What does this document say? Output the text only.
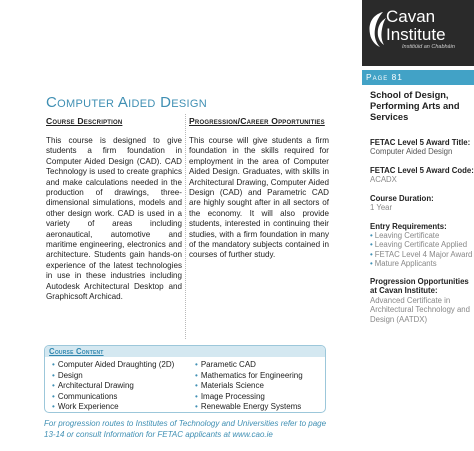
Computer Aided Design
Course Description	Progression/Career Opportunities

This course is designed to give students a firm foundation in Computer Aided Design (CAD). CAD Technology is used to create graphics and make calculations needed in the production of drawings, three-dimensional simulations, models and other design work. CAD is used in a variety of areas including aeronautical, automotive and maritime engineering, electronics and architecture. Students gain hands-on experience of the latest technologies in use in these industries including Autodesk Architectural Desktop and Graphicsoft Archicad.

This course will give students a firm foundation in the skills required for employment in the area of Computer Aided Design. Graduates, with skills in Architectural Drawing, Computer Aided Design (CAD) and Parametric CAD are highly sought after in all sectors of the economy. It will also provide students, interested in continuing their studies, with a firm foundation in many of the mandatory subjects contained in courses of further study.

Course Content
• Computer Aided Draughting (2D)
• Design
• Architectural Drawing
• Communications
• Work Experience
• Parametic CAD
• Mathematics for Engineering
• Materials Science
• Image Processing
• Renewable Energy Systems

For progression routes to Institutes of Technology and Universities refer to page 13-14 or consult Information for FETAC applicants at www.cao.ie

Cavan
Institute
Institiúid an Chabháin
Page 81
School of Design, Performing Arts and Services
FETAC Level 5 Award Title:
Computer Aided Design
FETAC Level 5 Award Code:
ACADX
Course Duration:
1 Year
Entry Requirements:
• Leaving Certificate
• Leaving Certificate Applied
• FETAC Level 4 Major Award
• Mature Applicants
Progression Opportunities at Cavan Institute:
Advanced Certificate in Architectural Technology and Design (AATDX)
